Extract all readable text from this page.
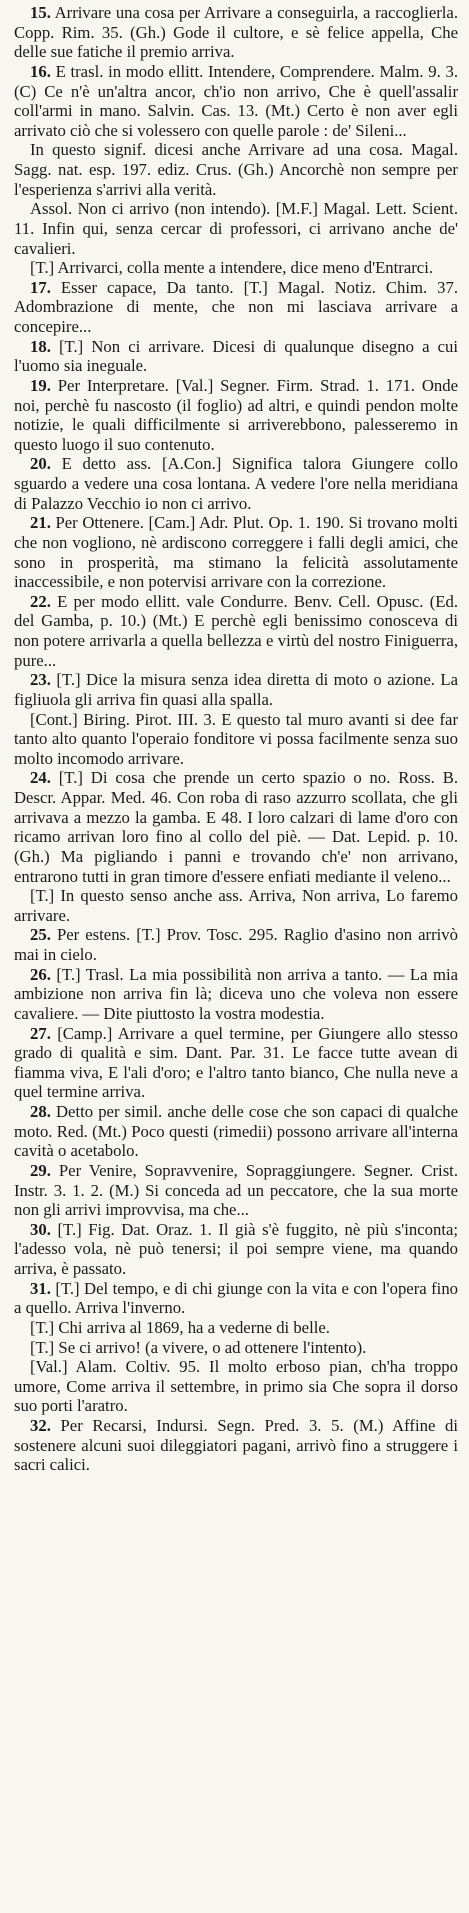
15. Arrivare una cosa per Arrivare a conseguirla, a raccoglierla. Copp. Rim. 35. (Gh.) Gode il cultore, e sè felice appella, Che delle sue fatiche il premio arriva.

16. E trasl. in modo ellitt. Intendere, Comprendere. Malm. 9. 3. (C) Ce n'è un'altra ancor, ch'io non arrivo, Che è quell'assalir coll'armi in mano. Salvin. Cas. 13. (Mt.) Certo è non aver egli arrivato ciò che si volessero con quelle parole : de' Sileni...

In questo signif. dicesi anche Arrivare ad una cosa. Magal. Sagg. nat. esp. 197. ediz. Crus. (Gh.) Ancorchè non sempre per l'esperienza s'arrivi alla verità.

Assol. Non ci arrivo (non intendo). [M.F.] Magal. Lett. Scient. 11. Infin qui, senza cercar di professori, ci arrivano anche de' cavalieri.

[T.] Arrivarci, colla mente a intendere, dice meno d'Entrarci.

17. Esser capace, Da tanto. [T.] Magal. Notiz. Chim. 37. Adombrazione di mente, che non mi lasciava arrivare a concepire...

18. [T.] Non ci arrivare. Dicesi di qualunque disegno a cui l'uomo sia ineguale.

19. Per Interpretare. [Val.] Segner. Firm. Strad. 1. 171. Onde noi, perchè fu nascosto (il foglio) ad altri, e quindi pendon molte notizie, le quali difficilmente si arriverebbono, palesseremo in questo luogo il suo contenuto.

20. E detto ass. [A.Con.] Significa talora Giungere collo sguardo a vedere una cosa lontana. A vedere l'ore nella meridiana di Palazzo Vecchio io non ci arrivo.

21. Per Ottenere. [Cam.] Adr. Plut. Op. 1. 190. Si trovano molti che non vogliono, nè ardiscono correggere i falli degli amici, che sono in prosperità, ma stimano la felicità assolutamente inaccessibile, e non potervisi arrivare con la correzione.

22. E per modo ellitt. vale Condurre. Benv. Cell. Opusc. (Ed. del Gamba, p. 10.) (Mt.) E perchè egli benissimo conosceva di non potere arrivarla a quella bellezza e virtù del nostro Finiguerra, pure...

23. [T.] Dice la misura senza idea diretta di moto o azione. La figliuola gli arriva fin quasi alla spalla.

[Cont.] Biring. Pirot. III. 3. E questo tal muro avanti si dee far tanto alto quanto l'operaio fonditore vi possa facilmente senza suo molto incomodo arrivare.

24. [T.] Di cosa che prende un certo spazio o no. Ross. B. Descr. Appar. Med. 46. Con roba di raso azzurro scollata, che gli arrivava a mezzo la gamba. E 48. I loro calzari di lame d'oro con ricamo arrivan loro fino al collo del piè. — Dat. Lepid. p. 10. (Gh.) Ma pigliando i panni e trovando ch'e' non arrivano, entrarono tutti in gran timore d'essere enfiati mediante il veleno...

[T.] In questo senso anche ass. Arriva, Non arriva, Lo faremo arrivare.

25. Per estens. [T.] Prov. Tosc. 295. Raglio d'asino non arrivò mai in cielo.

26. [T.] Trasl. La mia possibilità non arriva a tanto. — La mia ambizione non arriva fin là; diceva uno che voleva non essere cavaliere. — Dite piuttosto la vostra modestia.

27. [Camp.] Arrivare a quel termine, per Giungere allo stesso grado di qualità e sim. Dant. Par. 31. Le facce tutte avean di fiamma viva, E l'ali d'oro; e l'altro tanto bianco, Che nulla neve a quel termine arriva.

28. Detto per simil. anche delle cose che son capaci di qualche moto. Red. (Mt.) Poco questi (rimedii) possono arrivare all'interna cavità o acetabolo.

29. Per Venire, Sopravvenire, Sopraggiungere. Segner. Crist. Instr. 3. 1. 2. (M.) Si conceda ad un peccatore, che la sua morte non gli arrivi improvvisa, ma che...

30. [T.] Fig. Dat. Oraz. 1. Il già s'è fuggito, nè più s'inconta; l'adesso vola, nè può tenersi; il poi sempre viene, ma quando arriva, è passato.

31. [T.] Del tempo, e di chi giunge con la vita e con l'opera fino a quello. Arriva l'inverno.

[T.] Chi arriva al 1869, ha a vederne di belle.

[T.] Se ci arrivo! (a vivere, o ad ottenere l'intento).

[Val.] Alam. Coltiv. 95. Il molto erboso pian, ch'ha troppo umore, Come arriva il settembre, in primo sia Che sopra il dorso suo porti l'aratro.

32. Per Recarsi, Indursi. Segn. Pred. 3. 5. (M.) Affine di sostenere alcuni suoi dileggiatori pagani, arrivò fino a struggere i sacri calici.
